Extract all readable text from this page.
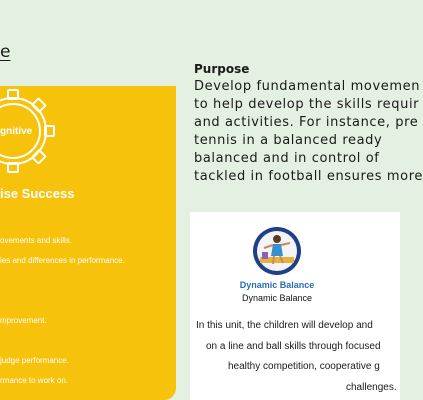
e
gnitive
ise Success
ovements and skills.
ies and differences in performance.
mprovement.
judge performance.
rmance to work on.
Purpose
Develop fundamental movemen
to help develop the skills requir
and activities. For instance, pre
tennis in a balanced ready
balanced and in control of
tackled in football ensures more
Dynamic Balance
Dynamic Balance
In this unit, the children will develop and
on a line and ball skills through focused
healthy competition, cooperative g
challenges.
